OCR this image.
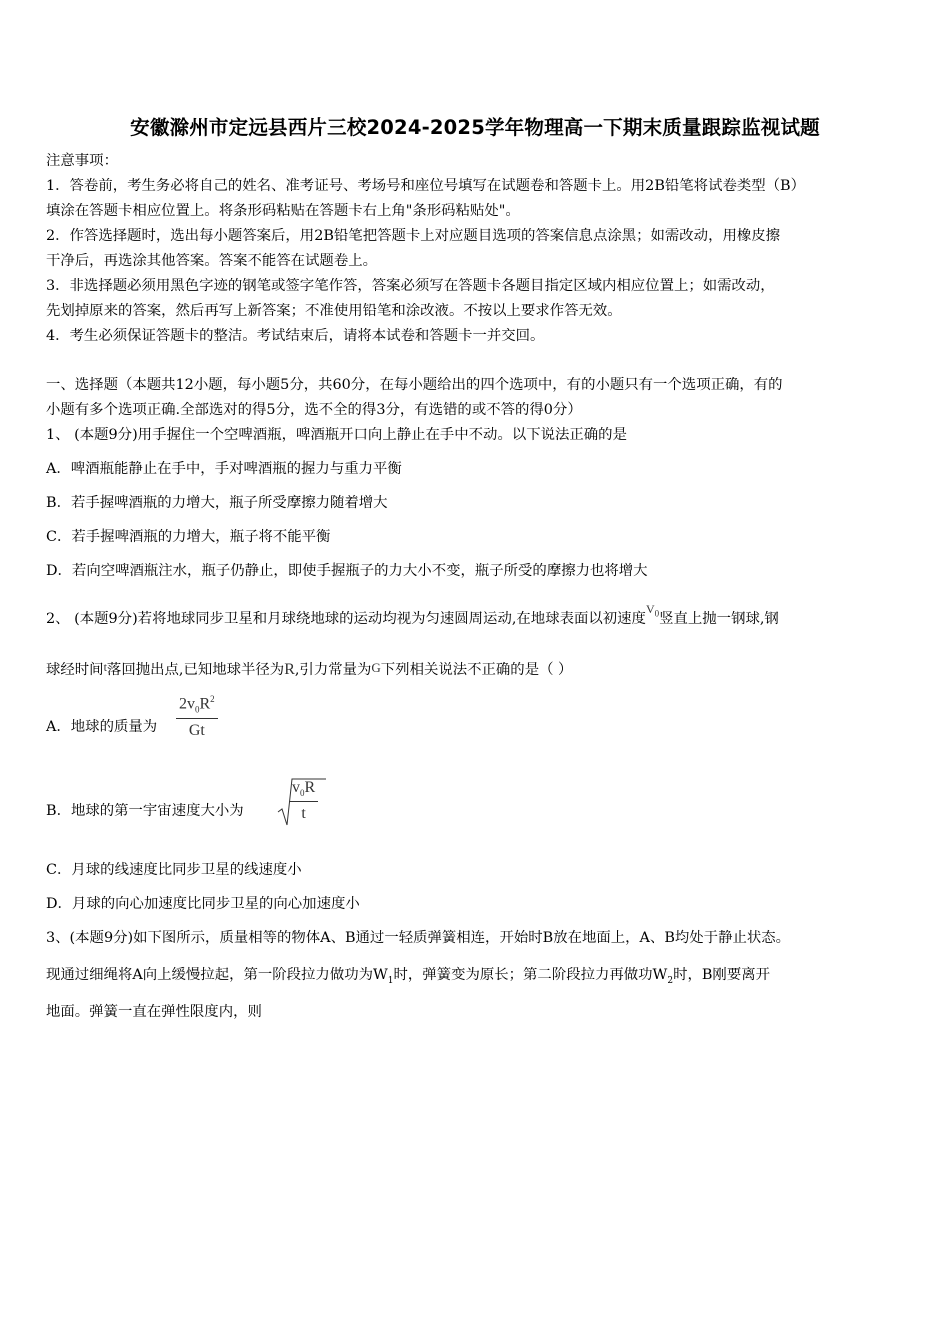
安徽滁州市定远县西片三校2024-2025学年物理高一下期末质量跟踪监视试题
注意事项：
1．答卷前，考生务必将自己的姓名、准考证号、考场号和座位号填写在试题卷和答题卡上。用2B铅笔将试卷类型（B）
填涂在答题卡相应位置上。将条形码粘贴在答题卡右上角"条形码粘贴处"。
2．作答选择题时，选出每小题答案后，用2B铅笔把答题卡上对应题目选项的答案信息点涂黑；如需改动，用橡皮擦
干净后，再选涂其他答案。答案不能答在试题卷上。
3．非选择题必须用黑色字迹的钢笔或签字笔作答，答案必须写在答题卡各题目指定区域内相应位置上；如需改动，
先划掉原来的答案，然后再写上新答案；不准使用铅笔和涂改液。不按以上要求作答无效。
4．考生必须保证答题卡的整洁。考试结束后，请将本试卷和答题卡一并交回。
一、选择题（本题共12小题，每小题5分，共60分，在每小题给出的四个选项中，有的小题只有一个选项正确，有的
小题有多个选项正确.全部选对的得5分，选不全的得3分，有选错的或不答的得0分）
1、 (本题9分)用手握住一个空啤酒瓶，啤酒瓶开口向上静止在手中不动。以下说法正确的是
A．啤酒瓶能静止在手中，手对啤酒瓶的握力与重力平衡
B．若手握啤酒瓶的力增大，瓶子所受摩擦力随着增大
C．若手握啤酒瓶的力增大，瓶子将不能平衡
D．若向空啤酒瓶注水，瓶子仍静止，即使手握瓶子的力大小不变，瓶子所受的摩擦力也将增大
2、 (本题9分)若将地球同步卫星和月球绕地球的运动均视为匀速圆周运动,在地球表面以初速度$^{V_0}$竖直上抛一钢球,钢
球经时间$^t$落回抛出点,已知地球半径为R,引力常量为G下列相关说法不正确的是（ ）
A．地球的质量为 $\frac{2v_0R^2}{Gt}$
B．地球的第一宇宙速度大小为	$\frac{v_0R}{t}$
C．月球的线速度比同步卫星的线速度小
D．月球的向心加速度比同步卫星的向心加速度小
3、(本题9分)如下图所示，质量相等的物体A、B通过一轻质弹簧相连，开始时B放在地面上，A、B均处于静止状态。
现通过细绳将A向上缓慢拉起，第一阶段拉力做功为$W_1$时，弹簧变为原长；第二阶段拉力再做功$W_2$时，B刚要离开
地面。弹簧一直在弹性限度内，则
